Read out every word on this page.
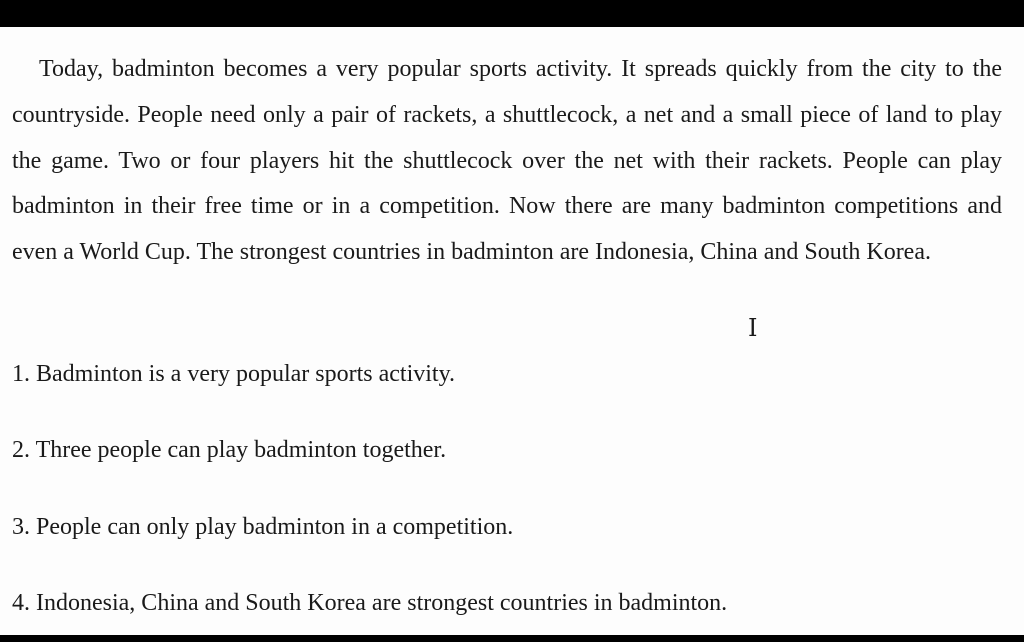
Today, badminton becomes a very popular sports activity. It spreads quickly from the city to the countryside. People need only a pair of rackets, a shuttlecock, a net and a small piece of land to play the game. Two or four players hit the shuttlecock over the net with their rackets. People can play badminton in their free time or in a competition. Now there are many badminton competitions and even a World Cup. The strongest countries in badminton are Indonesia, China and South Korea.

I

1. Badminton is a very popular sports activity.

2. Three people can play badminton together.

3. People can only play badminton in a competition.

4. Indonesia, China and South Korea are strongest countries in badminton.
